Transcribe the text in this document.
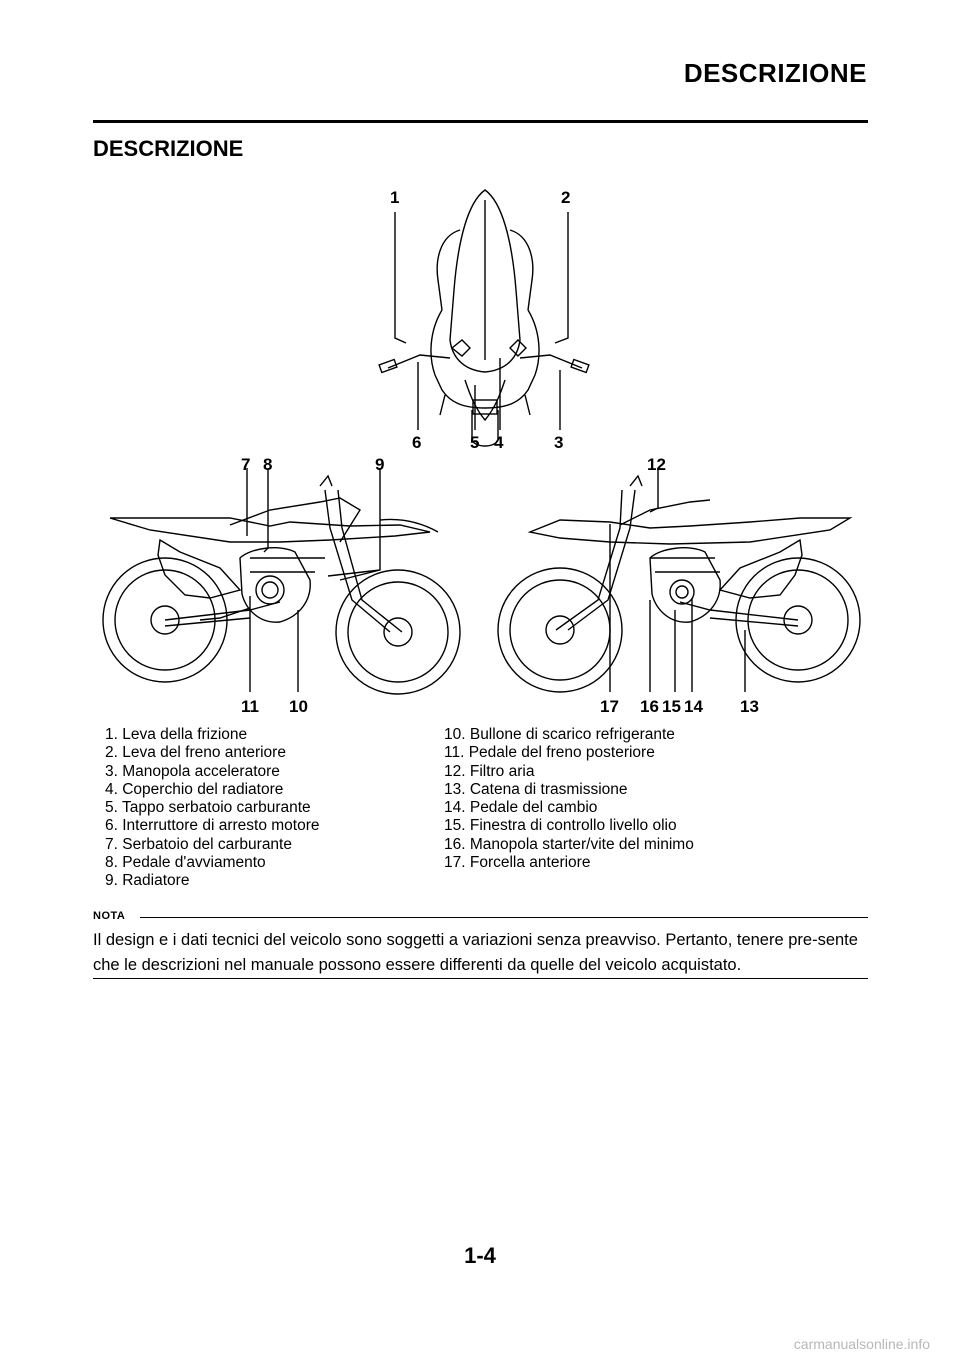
DESCRIZIONE
DESCRIZIONE
1	2
3
4
5
6
7 8	9
10
11
12
13
14
15
16
17
1. Leva della frizione
2. Leva del freno anteriore
3. Manopola acceleratore
4. Coperchio del radiatore
5. Tappo serbatoio carburante
6. Interruttore di arresto motore
7. Serbatoio del carburante
8. Pedale d'avviamento
9. Radiatore
10. Bullone di scarico refrigerante
11. Pedale del freno posteriore
12. Filtro aria
13. Catena di trasmissione
14. Pedale del cambio
15. Finestra di controllo livello olio
16. Manopola starter/vite del minimo
17. Forcella anteriore
NOTA
Il design e i dati tecnici del veicolo sono soggetti a variazioni senza preavviso. Pertanto, tenere pre-sente che le descrizioni nel manuale possono essere differenti da quelle del veicolo acquistato.
1-4
carmanualsonline.info
